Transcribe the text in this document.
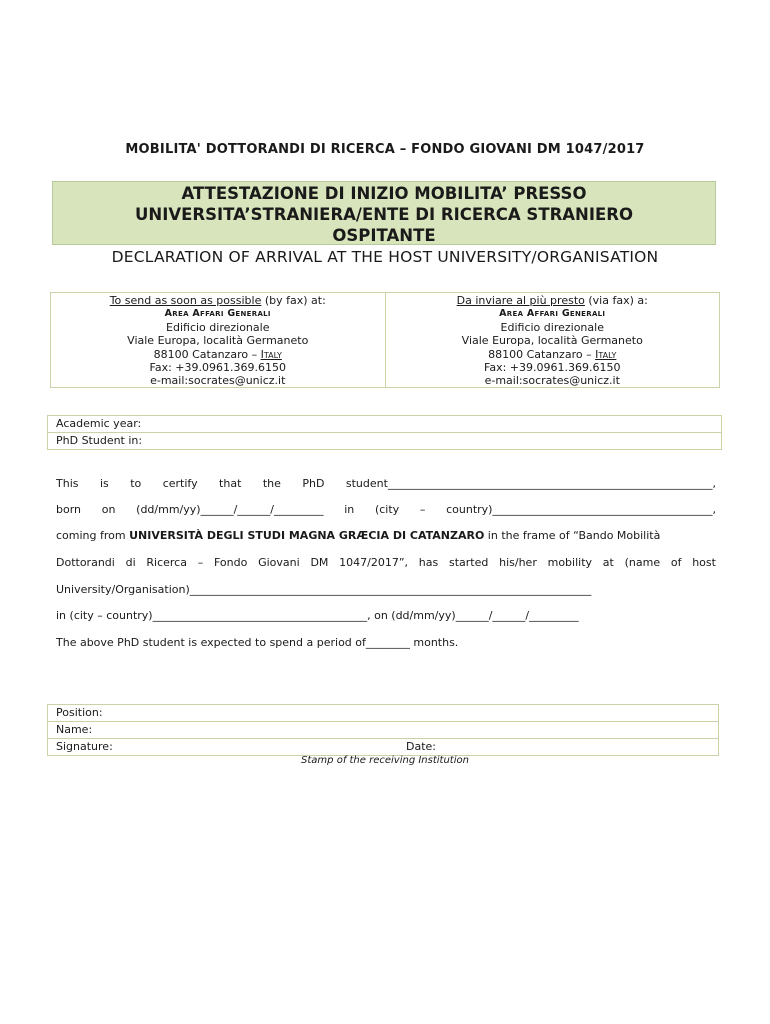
MOBILITA' DOTTORANDI DI RICERCA – FONDO GIOVANI DM 1047/2017
ATTESTAZIONE DI INIZIO MOBILITA’ PRESSO
UNIVERSITA’STRANIERA/ENTE DI RICERCA STRANIERO
OSPITANTE
DECLARATION OF ARRIVAL AT THE HOST UNIVERSITY/ORGANISATION
To send as soon as possible (by fax) at:
Area Affari Generali
Edificio direzionale
Viale Europa, località Germaneto
88100 Catanzaro – Italy
Fax: +39.0961.369.6150
e-mail:socrates@unicz.it
Da inviare al più presto (via fax) a:
Area Affari Generali
Edificio direzionale
Viale Europa, località Germaneto
88100 Catanzaro – Italy
Fax: +39.0961.369.6150
e-mail:socrates@unicz.it
Academic year:
PhD Student in:
This is to certify that the PhD student___________________________________________________________,
born on (dd/mm/yy)______/______/_________ in (city – country)________________________________________,
coming from UNIVERSITÀ DEGLI STUDI MAGNA GRÆCIA DI CATANZARO in the frame of “Bando Mobilità
Dottorandi di Ricerca – Fondo Giovani DM 1047/2017”, has started his/her mobility at (name of host
University/Organisation)_________________________________________________________________________
in (city – country)_______________________________________, on (dd/mm/yy)______/______/_________
The above PhD student is expected to spend a period of________ months.
Position:
Name:
Signature:	Date:
Stamp of the receiving Institution
